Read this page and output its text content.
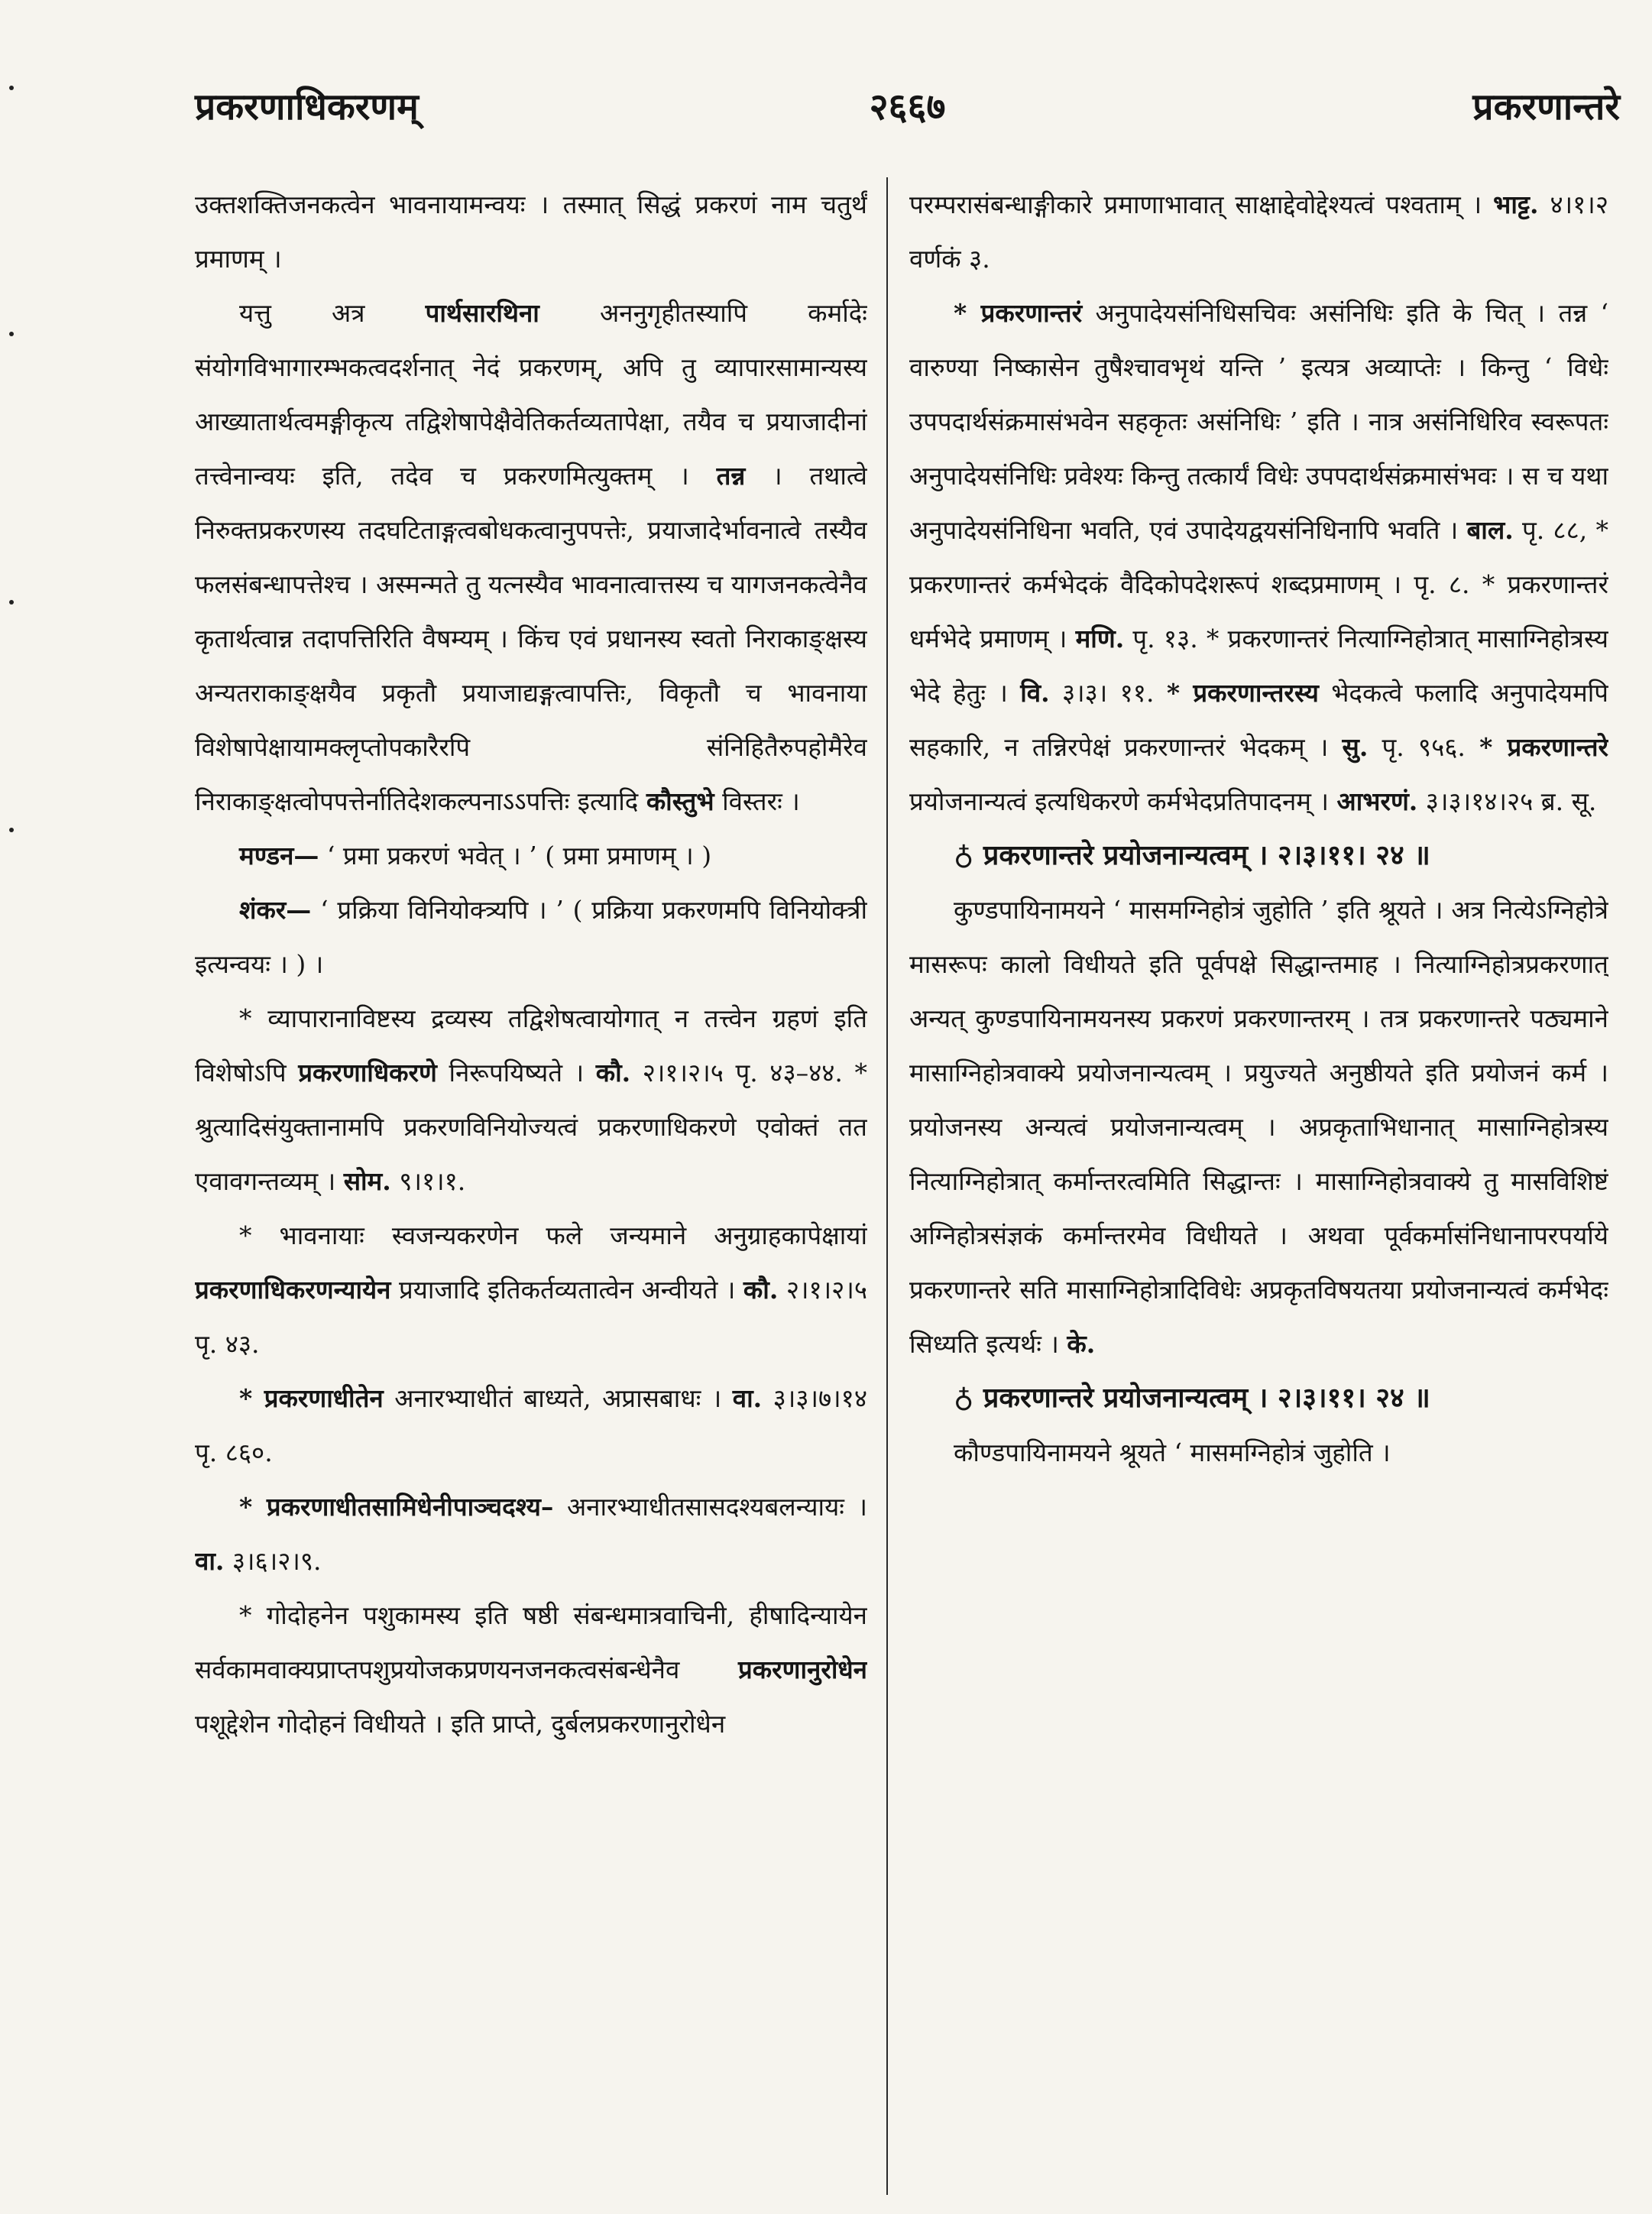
प्रकरणाधिकरणम्	२६६७	प्रकरणान्तरे

उक्तशक्तिजनकत्वेन भावनायामन्वयः । तस्मात् सिद्धं प्रकरणं नाम चतुर्थं प्रमाणम् ।

यत्तु अत्र पार्थसारथिना अननुगृहीतस्यापि कर्मादेः संयोगविभागारम्भकत्वदर्शनात् नेदं प्रकरणम्, अपि तु व्यापारसामान्यस्य आख्यातार्थत्वमङ्गीकृत्य तद्विशेषापेक्षैवेतिकर्तव्यतापेक्षा, तयैव च प्रयाजादीनां तत्त्वेनान्वयः इति, तदेव च प्रकरणमित्युक्तम् । तन्न । तथात्वे निरुक्तप्रकरणस्य तदघटिताङ्गत्वबोधकत्वानुपपत्तेः, प्रयाजादेर्भावनात्वे तस्यैव फलसंबन्धापत्तेश्च । अस्मन्मते तु यत्नस्यैव भावनात्वात्तस्य च यागजनकत्वेनैव कृतार्थत्वान्न तदापत्तिरिति वैषम्यम् । किंच एवं प्रधानस्य स्वतो निराकाङ्क्षस्य अन्यतराकाङ्क्षयैव प्रकृतौ प्रयाजाद्यङ्गत्वापत्तिः, विकृतौ च भावनाया विशेषापेक्षायामक्लृप्तोपकारैरपि संनिहितैरुपहोमैरेव निराकाङ्क्षत्वोपपत्तेर्नातिदेशकल्पनाऽऽपत्तिः इत्यादि कौस्तुभे विस्तरः ।

मण्डन— ‘ प्रमा प्रकरणं भवेत् । ’ ( प्रमा प्रमाणम् । )

शंकर— ‘ प्रक्रिया विनियोक्त्र्यपि । ’ ( प्रक्रिया प्रकरणमपि विनियोक्त्री इत्यन्वयः । ) ।

* व्यापारानाविष्टस्य द्रव्यस्य तद्विशेषत्वायोगात् न तत्त्वेन ग्रहणं इति विशेषोऽपि प्रकरणाधिकरणे निरूपयिष्यते । कौ. २।१।२।५ पृ. ४३–४४. * श्रुत्यादिसंयुक्तानामपि प्रकरणविनियोज्यत्वं प्रकरणाधिकरणे एवोक्तं तत एवावगन्तव्यम् । सोम. ९।१।१.

* भावनायाः स्वजन्यकरणेन फले जन्यमाने अनुग्राहकापेक्षायां प्रकरणाधिकरणन्यायेन प्रयाजादि इतिकर्तव्यतात्वेन अन्वीयते । कौ. २।१।२।५ पृ. ४३.

* प्रकरणाधीतेन अनारभ्याधीतं बाध्यते, अप्रासबाधः । वा. ३।३।७।१४ पृ. ८६०.

* प्रकरणाधीतसामिधेनीपाञ्चदश्य– अनारभ्याधीतसासदश्यबलन्यायः । वा. ३।६।२।९.

* गोदोहनेन पशुकामस्य इति षष्ठी संबन्धमात्रवाचिनी, हीषादिन्यायेन सर्वकामवाक्यप्राप्तपशुप्रयोजकप्रणयनजनकत्वसंबन्धेनैव प्रकरणानुरोधेन पशूद्देशेन गोदोहनं विधीयते । इति प्राप्ते, दुर्बलप्रकरणानुरोधेन

परम्परासंबन्धाङ्गीकारे प्रमाणाभावात् साक्षाद्देवोद्देश्यत्वं पश्वताम् । भाट्ट. ४।१।२ वर्णकं ३.

* प्रकरणान्तरं अनुपादेयसंनिधिसचिवः असंनिधिः इति के चित् । तन्न ‘ वारुण्या निष्कासेन तुषैश्चावभृथं यन्ति ’ इत्यत्र अव्याप्तेः । किन्तु ‘ विधेः उपपदार्थसंक्रमासंभवेन सहकृतः असंनिधिः ’ इति । नात्र असंनिधिरिव स्वरूपतः अनुपादेयसंनिधिः प्रवेश्यः किन्तु तत्कार्यं विधेः उपपदार्थसंक्रमासंभवः । स च यथा अनुपादेयसंनिधिना भवति, एवं उपादेयद्वयसंनिधिनापि भवति । बाल. पृ. ८८, * प्रकरणान्तरं कर्मभेदकं वैदिकोपदेशरूपं शब्दप्रमाणम् । पृ. ८. * प्रकरणान्तरं धर्मभेदे प्रमाणम् । मणि. पृ. १३. * प्रकरणान्तरं नित्याग्निहोत्रात् मासाग्निहोत्रस्य भेदे हेतुः । वि. ३।३। ११. * प्रकरणान्तरस्य भेदकत्वे फलादि अनुपादेयमपि सहकारि, न तन्निरपेक्षं प्रकरणान्तरं भेदकम् । सु. पृ. ९५६. * प्रकरणान्तरे प्रयोजनान्यत्वं इत्यधिकरणे कर्मभेदप्रतिपादनम् । आभरणं. ३।३।१४।२५ ब्र. सू.

♁ प्रकरणान्तरे प्रयोजनान्यत्वम् । २।३।११। २४ ॥

कुण्डपायिनामयने ‘ मासमग्निहोत्रं जुहोति ’ इति श्रूयते । अत्र नित्येऽग्निहोत्रे मासरूपः कालो विधीयते इति पूर्वपक्षे सिद्धान्तमाह । नित्याग्निहोत्रप्रकरणात् अन्यत् कुण्डपायिनामयनस्य प्रकरणं प्रकरणान्तरम् । तत्र प्रकरणान्तरे पठ्यमाने मासाग्निहोत्रवाक्ये प्रयोजनान्यत्वम् । प्रयुज्यते अनुष्ठीयते इति प्रयोजनं कर्म । प्रयोजनस्य अन्यत्वं प्रयोजनान्यत्वम् । अप्रकृताभिधानात् मासाग्निहोत्रस्य नित्याग्निहोत्रात् कर्मान्तरत्वमिति सिद्धान्तः । मासाग्निहोत्रवाक्ये तु मासविशिष्टं अग्निहोत्रसंज्ञकं कर्मान्तरमेव विधीयते । अथवा पूर्वकर्मासंनिधानापरपर्याये प्रकरणान्तरे सति मासाग्निहोत्रादिविधेः अप्रकृतविषयतया प्रयोजनान्यत्वं कर्मभेदः सिध्यति इत्यर्थः । के.

♁ प्रकरणान्तरे प्रयोजनान्यत्वम् । २।३।११। २४ ॥

कौण्डपायिनामयने श्रूयते ‘ मासमग्निहोत्रं जुहोति ।
